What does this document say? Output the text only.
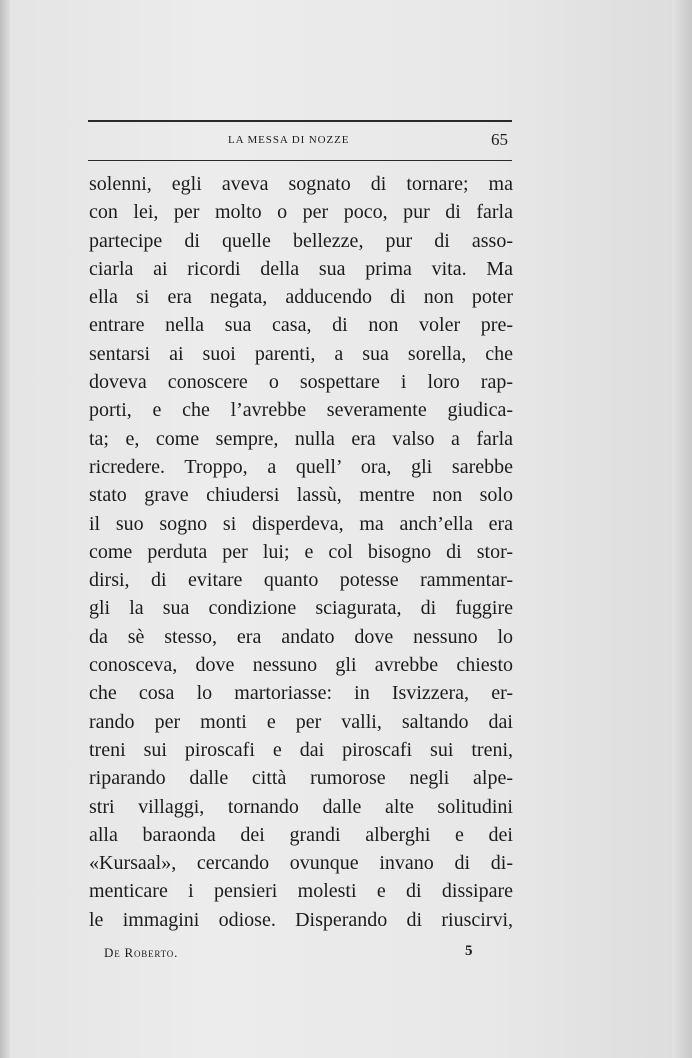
LA MESSA DI NOZZE	65
solenni, egli aveva sognato di tornare; ma
con lei, per molto o per poco, pur di farla
partecipe di quelle bellezze, pur di asso-
ciarla ai ricordi della sua prima vita. Ma
ella si era negata, adducendo di non poter
entrare nella sua casa, di non voler pre-
sentarsi ai suoi parenti, a sua sorella, che
doveva conoscere o sospettare i loro rap-
porti, e che l’avrebbe severamente giudica-
ta; e, come sempre, nulla era valso a farla
ricredere. Troppo, a quell’ ora, gli sarebbe
stato grave chiudersi lassù, mentre non solo
il suo sogno si disperdeva, ma anch’ella era
come perduta per lui; e col bisogno di stor-
dirsi, di evitare quanto potesse rammentar-
gli la sua condizione sciagurata, di fuggire
da sè stesso, era andato dove nessuno lo
conosceva, dove nessuno gli avrebbe chiesto
che cosa lo martoriasse: in Isvizzera, er-
rando per monti e per valli, saltando dai
treni sui piroscafi e dai piroscafi sui treni,
riparando dalle città rumorose negli alpe-
stri villaggi, tornando dalle alte solitudini
alla baraonda dei grandi alberghi e dei
«Kursaal», cercando ovunque invano di di-
menticare i pensieri molesti e di dissipare
le immagini odiose. Disperando di riuscirvi,
De Roberto.	5
